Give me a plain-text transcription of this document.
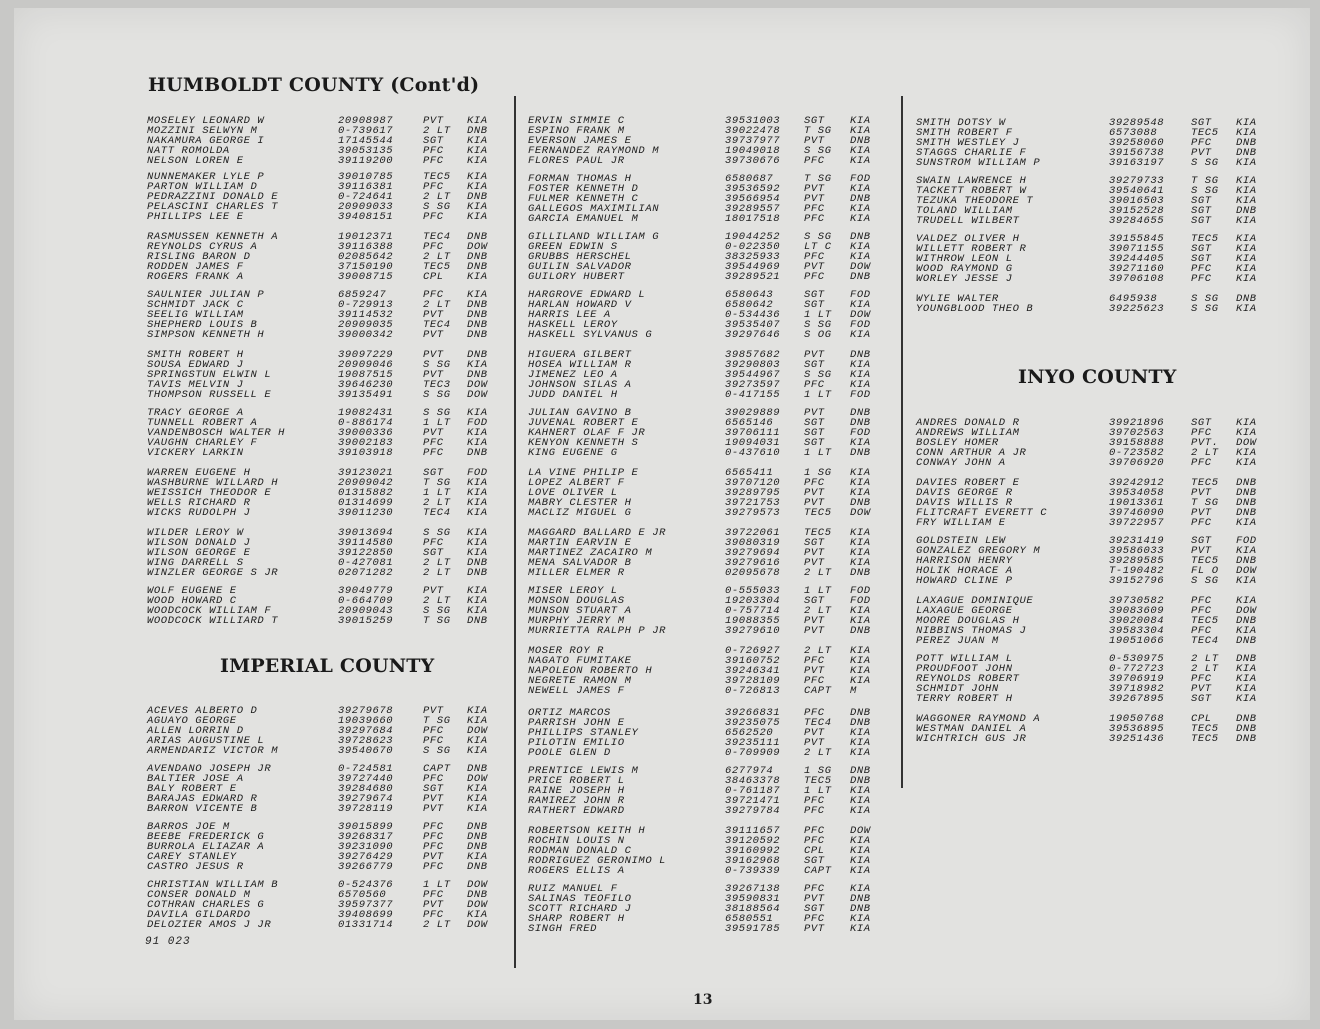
HUMBOLDT COUNTY (Cont'd)
MOSELEY LEONARD W	20908987	PVT KIA
MOZZINI SELWYN M	0-739617	2 LT DNB
NAKAMURA GEORGE I	17145544	SGT KIA
NATT ROMOLDA	39053135	PFC KIA
NELSON LOREN E	39119200	PFC KIA
NUNNEMAKER LYLE P	39010785	TEC5 KIA
PARTON WILLIAM D	39116381	PFC KIA
PEDRAZZINI DONALD E	0-724641	2 LT DNB
PELASCINI CHARLES T	20909033	S SG KIA
PHILLIPS LEE E	39408151	PFC KIA
RASMUSSEN KENNETH A	19012371	TEC4 DNB
REYNOLDS CYRUS A	39116388	PFC DOW
RISLING BARON D	02085642	2 LT DNB
RODDEN JAMES F	37150190	TEC5 DNB
ROGERS FRANK A	39008715	CPL KIA
SAULNIER JULIAN P	6859247	PFC KIA
SCHMIDT JACK C	0-729913	2 LT DNB
SEELIG WILLIAM	39114532	PVT DNB
SHEPHERD LOUIS B	20909035	TEC4 DNB
SIMPSON KENNETH H	39000342	PVT DNB
SMITH ROBERT H	39097229	PVT DNB
SOUSA EDWARD J	20909046	S SG KIA
SPRINGSTUN ELWIN L	19087515	PVT DNB
TAVIS MELVIN J	39646230	TEC3 DOW
THOMPSON RUSSELL E	39135491	S SG DOW
TRACY GEORGE A	19082431	S SG KIA
TUNNELL ROBERT A	0-886174	1 LT FOD
VANDENBOSCH WALTER H	39000336	PVT KIA
VAUGHN CHARLEY F	39002183	PFC KIA
VICKERY LARKIN	39103918	PFC DNB
WARREN EUGENE H	39123021	SGT FOD
WASHBURNE WILLARD H	20909042	T SG KIA
WEISSICH THEODOR E	01315882	1 LT KIA
WELLS RICHARD R	01314699	2 LT KIA
WICKS RUDOLPH J	39011230	TEC4 KIA
WILDER LEROY W	39013694	S SG KIA
WILSON DONALD J	39114580	PFC KIA
WILSON GEORGE E	39122850	SGT KIA
WING DARRELL S	0-427081	2 LT DNB
WINZLER GEORGE S JR	02071282	2 LT DNB
WOLF EUGENE E	39049779	PVT KIA
WOOD HOWARD C	0-664709	2 LT KIA
WOODCOCK WILLIAM F	20909043	S SG KIA
WOODCOCK WILLIARD T	39015259	T SG DNB
IMPERIAL COUNTY
ACEVES ALBERTO D	39279678	PVT KIA
AGUAYO GEORGE	19039660	T SG KIA
ALLEN LORRIN D	39297684	PFC DOW
ARIAS AUGUSTINE L	39728623	PFC KIA
ARMENDARIZ VICTOR M	39540670	S SG KIA
AVENDANO JOSEPH JR	0-724581	CAPT DNB
BALTIER JOSE A	39727440	PFC DOW
BALY ROBERT E	39284680	SGT KIA
BARAJAS EDWARD R	39279674	PVT KIA
BARRON VICENTE B	39728119	PVT KIA
BARROS JOE M	39015899	PFC DNB
BEEBE FREDERICK G	39268317	PFC DNB
BURROLA ELIAZAR A	39231090	PFC DNB
CAREY STANLEY	39276429	PVT KIA
CASTRO JESUS R	39266779	PFC DNB
CHRISTIAN WILLIAM B	0-524376	1 LT DOW
CONSER DONALD M	6570560	PFC DNB
COTHRAN CHARLES G	39597377	PVT DOW
DAVILA GILDARDO	39408699	PFC KIA
DELOZIER AMOS J JR	01331714	2 LT DOW
ERVIN SIMMIE C	39531003 SGT KIA
ESPINO FRANK M	39022478 T SG KIA
EVERSON JAMES E	39737977 PVT DNB
FERNANDEZ RAYMOND M	19049018 S SG KIA
FLORES PAUL JR	39730676 PFC KIA
FORMAN THOMAS H	6580687	T SG FOD
FOSTER KENNETH D	39536592 PVT KIA
FULMER KENNETH C	39566954 PVT DNB
GALLEGOS MAXIMILIAN	39289557 PFC KIA
GARCIA EMANUEL M	18017518 PFC KIA
GILLILAND WILLIAM G	19044252 S SG DNB
GREEN EDWIN S	0-022350 LT C KIA
GRUBBS HERSCHEL	38325933 PFC KIA
GUILIN SALVADOR	39544969 PVT DOW
GUILORY HUBERT	39289521 PFC DNB
HARGROVE EDWARD L	6580643	SGT FOD
HARLAN HOWARD V	6580642	SGT KIA
HARRIS LEE A	0-534436 1 LT DOW
HASKELL LEROY	39535407 S SG FOD
HASKELL SYLVANUS G	39297646 S OG KIA
HIGUERA GILBERT	39857682 PVT DNB
HOSEA WILLIAM R	39290803 SGT KIA
JIMENEZ LEO A	39544967 S SG KIA
JOHNSON SILAS A	39273597 PFC KIA
JUDD DANIEL H	0-417155 1 LT FOD
JULIAN GAVINO B	39029889 PVT DNB
JUVENAL ROBERT E	6565146	SGT DNB
KAHNERT OLAF F JR	39706111 SGT FOD
KENYON KENNETH S	19094031 SGT KIA
KING EUGENE G	0-437610 1 LT DNB
LA VINE PHILIP E	6565411	1 SG KIA
LOPEZ ALBERT F	39707120 PFC KIA
LOVE OLIVER L	39289795 PVT KIA
MABRY CLESTER H	39721753 PVT DNB
MACLIZ MIGUEL G	39279573 TEC5 DOW
MAGGARD BALLARD E JR	39722061 TEC5 KIA
MARTIN EARVIN E	39080319 SGT KIA
MARTINEZ ZACAIRO M	39279694 PVT KIA
MENA SALVADOR B	39279616 PVT KIA
MILLER ELMER R	02095678 2 LT DNB
MISER LEROY L	0-555033 1 LT FOD
MONSON DOUGLAS	19203304 SGT FOD
MUNSON STUART A	0-757714 2 LT KIA
MURPHY JERRY M	19088355 PVT KIA
MURRIETTA RALPH P JR	39279610 PVT DNB
MOSER ROY R	0-726927 2 LT KIA
NAGATO FUMITAKE	39160752 PFC KIA
NAPOLEON ROBERTO H	39246341 PVT KIA
NEGRETE RAMON M	39728109 PFC KIA
NEWELL JAMES F	0-726813 CAPT M
ORTIZ MARCOS	39266831 PFC DNB
PARRISH JOHN E	39235075 TEC4 DNB
PHILLIPS STANLEY	6562520	PVT KIA
PILOTIN EMILIO	39235111 PVT KIA
POOLE GLEN D	0-709909 2 LT KIA
PRENTICE LEWIS M	6277974	1 SG DNB
PRICE ROBERT L	38463378 TEC5 DNB
RAINE JOSEPH H	0-761187 1 LT KIA
RAMIREZ JOHN R	39721471 PFC KIA
RATHERT EDWARD	39279784 PFC KIA
ROBERTSON KEITH H	39111657 PFC DOW
ROCHIN LOUIS N	39120592 PFC KIA
RODMAN DONALD C	39160992 CPL KIA
RODRIGUEZ GERONIMO L	39162968 SGT KIA
ROGERS ELLIS A	0-739339 CAPT KIA
RUIZ MANUEL F	39267138 PFC KIA
SALINAS TEOFILO	39590831 PVT DNB
SCOTT RICHARD J	38188564 SGT DNB
SHARP ROBERT H	6580551	PFC KIA
SINGH FRED	39591785 PVT KIA
SMITH DOTSY W	39289548	SGT KIA
SMITH ROBERT F	6573088	TEC5 KIA
SMITH WESTLEY J	39258060	PFC DNB
STAGGS CHARLIE F	39156738	PVT DNB
SUNSTROM WILLIAM P	39163197	S SG KIA
SWAIN LAWRENCE H	39279733	T SG KIA
TACKETT ROBERT W	39540641	S SG KIA
TEZUKA THEODORE T	39016503	SGT KIA
TOLAND WILLIAM	39152528	SGT DNB
TRUDELL WILBERT	39284655	SGT KIA
VALDEZ OLIVER H	39155845	TEC5 KIA
WILLETT ROBERT R	39071155	SGT KIA
WITHROW LEON L	39244405	SGT KIA
WOOD RAYMOND G	39271160	PFC KIA
WORLEY JESSE J	39706108	PFC KIA
WYLIE WALTER	6495938	S SG DNB
YOUNGBLOOD THEO B	39225623	S SG KIA
INYO COUNTY
ANDRES DONALD R	39921896	SGT KIA
ANDREWS WILLIAM	39702563	PFC KIA
BOSLEY HOMER	39158888	PVT. DOW
CONN ARTHUR A JR	0-723582	2 LT KIA
CONWAY JOHN A	39706920	PFC KIA
DAVIES ROBERT E	39242912	TEC5 DNB
DAVIS GEORGE R	39534058	PVT DNB
DAVIS WILLIS R	19013361	T SG DNB
FLITCRAFT EVERETT C	39746090	PVT DNB
FRY WILLIAM E	39722957	PFC KIA
GOLDSTEIN LEW	39231419	SGT FOD
GONZALEZ GREGORY M	39586033	PVT KIA
HARRISON HENRY	39289585	TEC5 DNB
HOLIK HORACE A	T-190482	FL O DOW
HOWARD CLINE P	39152796	S SG KIA
LAXAGUE DOMINIQUE	39730582	PFC KIA
LAXAGUE GEORGE	39083609	PFC DOW
MOORE DOUGLAS H	39020084	TEC5 DNB
NIBBINS THOMAS J	39583304	PFC KIA
PEREZ JUAN M	19051066	TEC4 DNB
POTT WILLIAM L	0-530975	2 LT DNB
PROUDFOOT JOHN	0-772723	2 LT KIA
REYNOLDS ROBERT	39706919	PFC KIA
SCHMIDT JOHN	39718982	PVT KIA
TERRY ROBERT H	39267895	SGT KIA
WAGGONER RAYMOND A	19050768	CPL DNB
WESTMAN DANIEL A	39536895	TEC5 DNB
WICHTRICH GUS JR	39251436	TEC5 DNB
91 023
13
